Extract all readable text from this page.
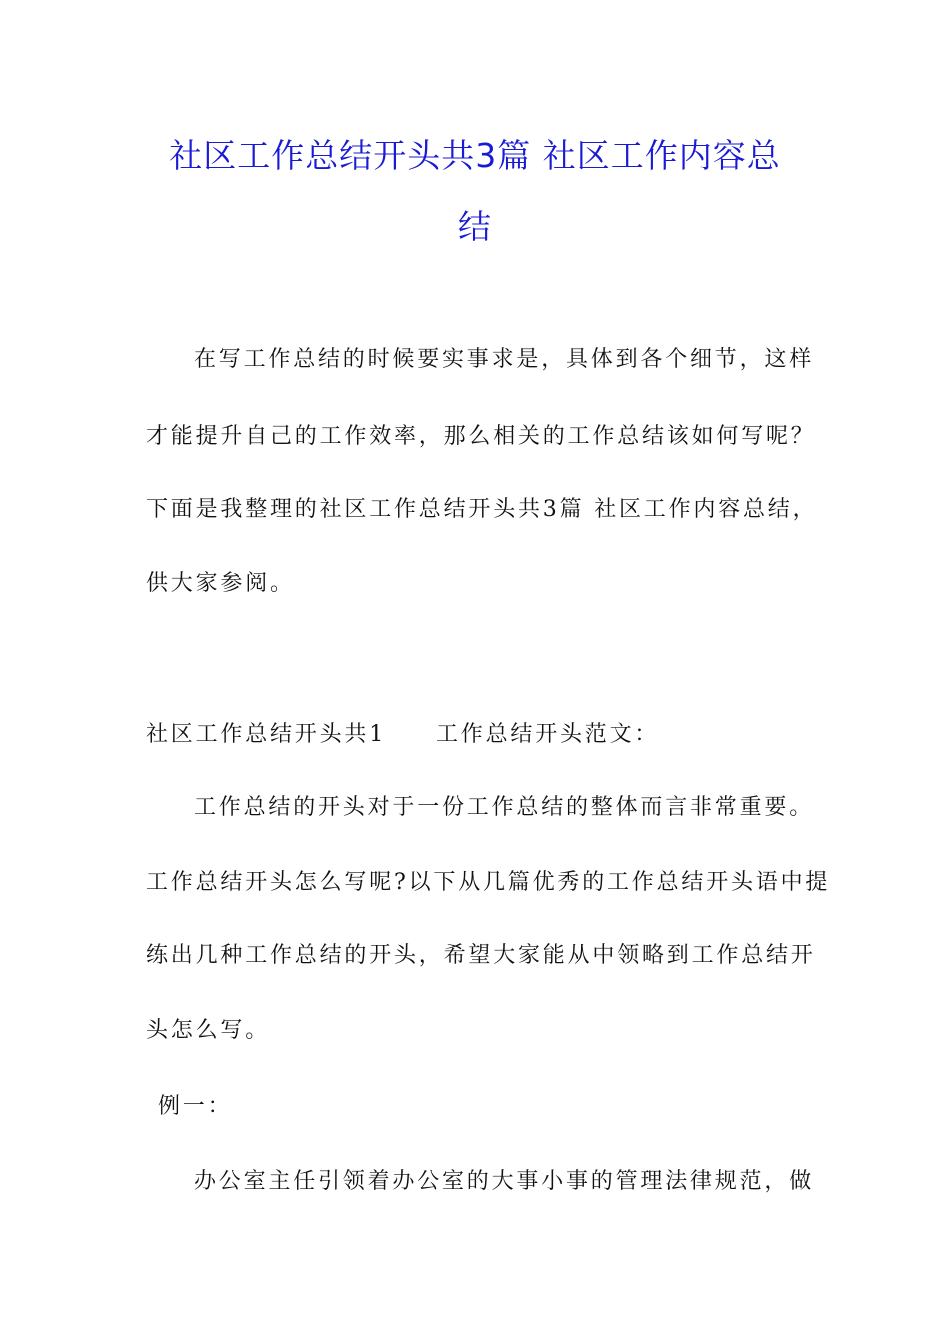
社区工作总结开头共3篇 社区工作内容总
结
在写工作总结的时候要实事求是，具体到各个细节，这样
才能提升自己的工作效率，那么相关的工作总结该如何写呢？
下面是我整理的社区工作总结开头共3篇 社区工作内容总结，
供大家参阅。
社区工作总结开头共1 工作总结开头范文：
工作总结的开头对于一份工作总结的整体而言非常重要。
工作总结开头怎么写呢?以下从几篇优秀的工作总结开头语中提
练出几种工作总结的开头，希望大家能从中领略到工作总结开
头怎么写。
例一：
办公室主任引领着办公室的大事小事的管理法律规范，做
